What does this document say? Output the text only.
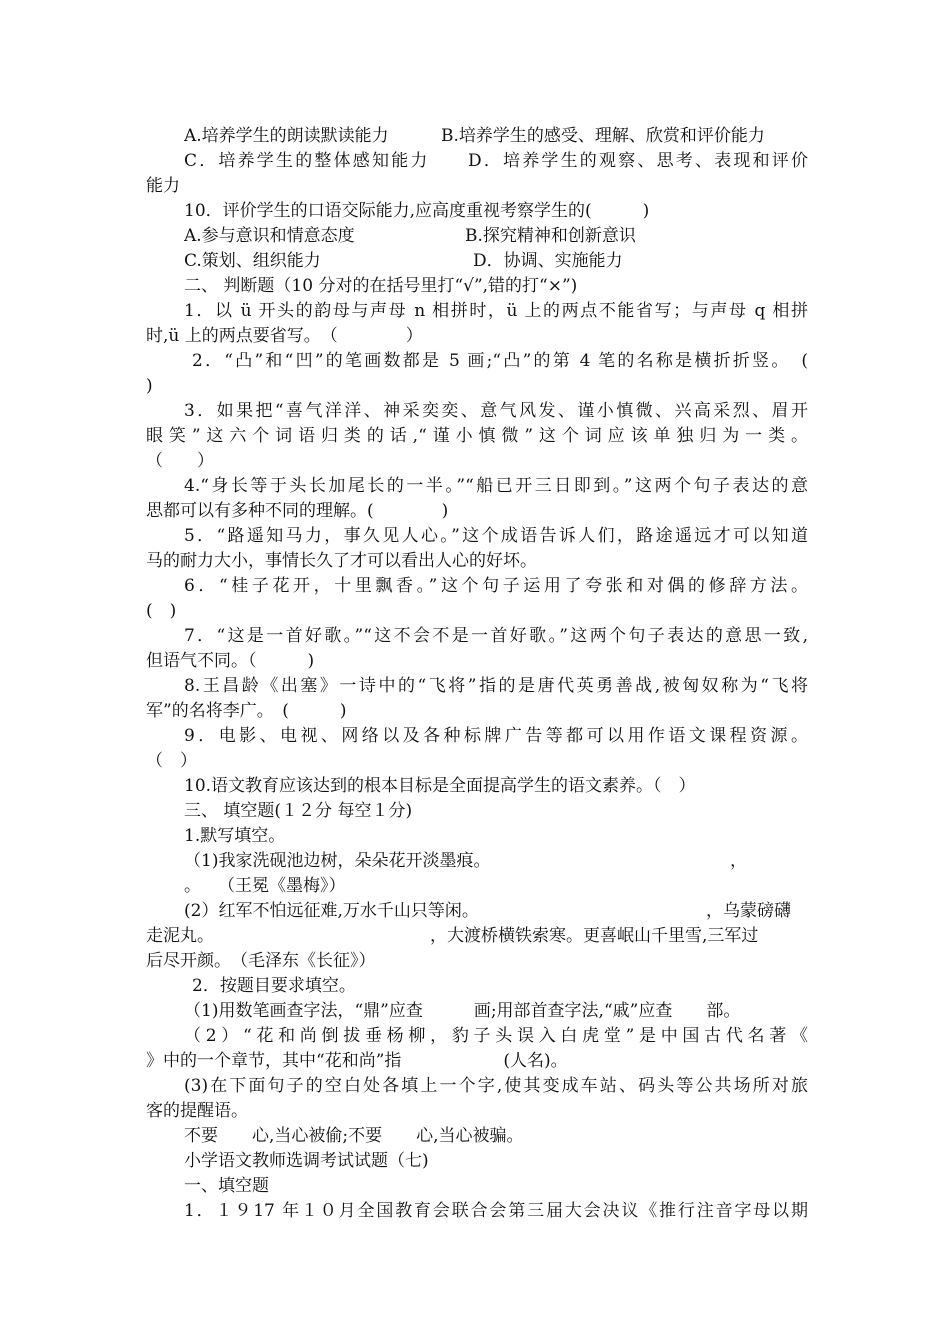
A.培养学生的朗读默读能力	B.培养学生的感受、理解、欣赏和评价能力
C．培养学生的整体感知能力　　D．培养学生的观察、思考、表现和评价
能力
10．评价学生的口语交际能力,应高度重视考察学生的(　　　)
A.参与意识和情意态度	B.探究精神和创新意识
C.策划、组织能力	D．协调、实施能力
二、 判断题（10 分对的在括号里打“√”,错的打“×”)
1．以 ü 开头的韵母与声母 n 相拼时，ü 上的两点不能省写；与声母 q 相拼
时,ü 上的两点要省写。　（　　　　）
2．“凸”和“凹”的笔画数都是 5 画;“凸”的第 4 笔的名称是横折折竖。　(
)
3．如果把“喜气洋洋、神采奕奕、意气风发、谨小慎微、兴高采烈、眉开
眼笑”这六个词语归类的话,“谨小慎微”这个词应该单独归为一类。
（　　）
4.“身长等于头长加尾长的一半。”“船已开三日即到。”这两个句子表达的意
思都可以有多种不同的理解。(　　　　)
5．“路遥知马力，事久见人心。”这个成语告诉人们，路途遥远才可以知道
马的耐力大小，事情长久了才可以看出人心的好坏。
6．“桂子花开，十里飘香。”这个句子运用了夸张和对偶的修辞方法。
(　)
7．“这是一首好歌。”“这不会不是一首好歌。”这两个句子表达的意思一致,
但语气不同。（　　　)
8.王昌龄《出塞》一诗中的“飞将”指的是唐代英勇善战,被匈奴称为“飞将
军”的名将李广。　(　　　)
9．电影、电视、网络以及各种标牌广告等都可以用作语文课程资源。
（　）
10.语文教育应该达到的根本目标是全面提高学生的语文素养。（　）
三、 填空题(１２分 每空１分)
1.默写填空。
（1)我家洗砚池边树，朵朵花开淡墨痕。	，
。　　（王冕《墨梅》）
(2）红军不怕远征难,万水千山只等闲。	，乌蒙磅礴
走泥丸。	，大渡桥横铁索寒。更喜岷山千里雪,三军过
后尽开颜。　（毛泽东《长征》）
2．按题目要求填空。
（1)用数笔画查字法，“鼎”应查　　　画;用部首查字法,“戚”应查　　部。
（2）“花和尚倒拔垂杨柳，豹子头误入白虎堂”是中国古代名著《
》中的一个章节，其中“花和尚”指　　　　　　(人名)。
(3)在下面句子的空白处各填上一个字,使其变成车站、码头等公共场所对旅
客的提醒语。
不要　　心,当心被偷;不要　　心,当心被骗。
小学语文教师选调考试试题（七)
一、填空题
1．１９17 年１０月全国教育会联合会第三届大会决议《推行注音字母以期
